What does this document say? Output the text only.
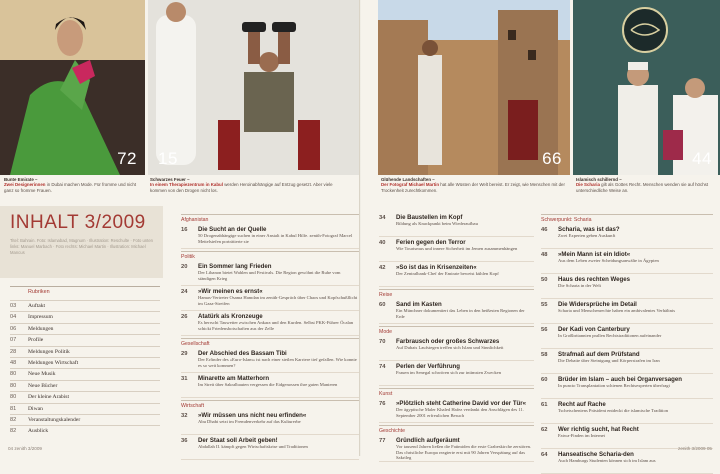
72 15	66	44
Bunte Emirate –
Zwei Designerinnen in Dubai machen Mode. Für fromme und nicht ganz so fromme Frauen.
Schwarzes Feuer –
In einem Therapiezentrum in Kabul werden Heroinabhängige auf Entzug gesetzt. Aber viele kommen von den Drogen nicht los.
Glühende Landschaften –
Der Fotograf Michael Martin hat alle Wüsten der Welt bereist. Er zeigt, wie Menschen mit der Trockenheit zurechtkommen.
Islamisch schillernd –
Die Scharia gilt als Gottes Recht. Menschen wenden sie auf höchst unterschiedliche Weise an.
INHALT 3/2009
Titel: Bahrain. Foto: Islamabad, Magnum · Illustration: Reschulte · Foto unten links: Manuel Marbach · Foto rechts: Michael Martin · Illustration: Michael Mancus
Rubriken
03	Auftakt
04	Impressum
06	Meldungen
07	Profile
28	Meldungen Politik
48	Meldungen Wirtschaft
80	Neue Musik
80	Neue Bücher
80	Der kleine Arabist
81	Diwan
82	Veranstaltungskalender
82	Ausblick
Afghanistan
16	Die Sucht an der Quelle
50 Drogenabhängige suchen in einer Anstalt in Kabul Hilfe. zenith-Fotograf Marcel Mettelsiefen porträtierte sie
Politik
20	Ein Sommer lang Frieden
Der Libanon bietet Wahlen und Festivals. Die Region gewöhnt die Ruhe vom ständigen Krieg
24	»Wir meinen es ernst«
Hamas-Vertreter Osama Hamdan im zenith-Gespräch über Chaos und Kopfschußflicht im Gaza-Streifen
26	Atatürk als Kronzeuge
Es herrscht Tauwetter zwischen Ankara und den Kurden. Selbst PKK-Führer Öcalan schickt Friedensbotschaften aus der Zelle
Gesellschaft
29	Der Abschied des Bassam Tibi
Der Erfinder des »Euro-Islam« ist nach einer steilen Karriere tief gefallen. Wie konnte es so weit kommen?
31	Minarette am Matterhorn
Im Streit über Sakralbauten vergessen die Eidgenossen ihre guten Manieren
Wirtschaft
32	»Wir müssen uns nicht neu erfinden«
Abu Dhabi setzt im Fremdenverkehr auf das Kulturerbe
36	Der Staat soll Arbeit geben!
Abdallah II. kämpft gegen Wirtschaftskrise und Traditionen
34	Die Baustellen im Kopf
Bildung als Knackpunkt beim Wiederaufbau
40	Ferien gegen den Terror
Wie Tourismus und innere Sicherheit im Jemen zusammenhängen
42	»So ist das in Krisenzeiten«
Der Zentralbank-Chef der Emirate beweist kühlen Kopf
Reise
60	Sand im Kasten
Ein Münchner dokumentiert das Leben in den heißesten Regionen der Erde
Mode
70	Farbrausch oder großes Schwarzes
Auf Dubais Laufstegen treffen sich Islam und Sinnlichkeit
74	Perlen der Verführung
Frauen im Senegal schwören sich zur intimsten Zwecken
Kunst
76	»Plötzlich steht Catherine David vor der Tür«
Der ägyptische Maler Khaled Hafez verdankt den Anschlägen des 11. September 2001 erfreulichen Besuch
Geschichte
77	Gründlich aufgeräumt
Vor tausend Jahren ließen die Fatimiden die erste Grabeskirche zerstören. Das christliche Europa reagierte erst mit 90 Jahren Verspätung auf das Sakrileg
Schwerpunkt: Scharia
46	Scharia, was ist das?
Zwei Experten geben Auskunft
48	»Mein Mann ist ein Idiot«
Aus dem Leben zweier Scheidungsanwälte in Ägypten
50	Haus des rechten Weges
Die Scharia in der Welt
55	Die Widersprüche im Detail
Scharia und Menschenrechte haben ein ambivalentes Verhältnis
56	Der Kadi von Canterbury
In Großbritannien prallen Rechtstraditionen aufeinander
58	Strafmaß auf dem Prüfstand
Die Debatte über Steinigung und Körperstrafen im Iran
60	Brüder im Islam – auch bei Organversagen
In puncto Transplantation schienen Rechtsexperten überfragt
61	Recht auf Rache
Tschetscheniens Präsident entdeckt die islamische Tradition
62	Wer richtig sucht, hat Recht
Fatwa-Finden im Internet
64	Hanseatische Scharia-den
Auch Hamburgs Studenten können sich im Islam aus
04 zenith 3/2009	zenith 3/2009 05
